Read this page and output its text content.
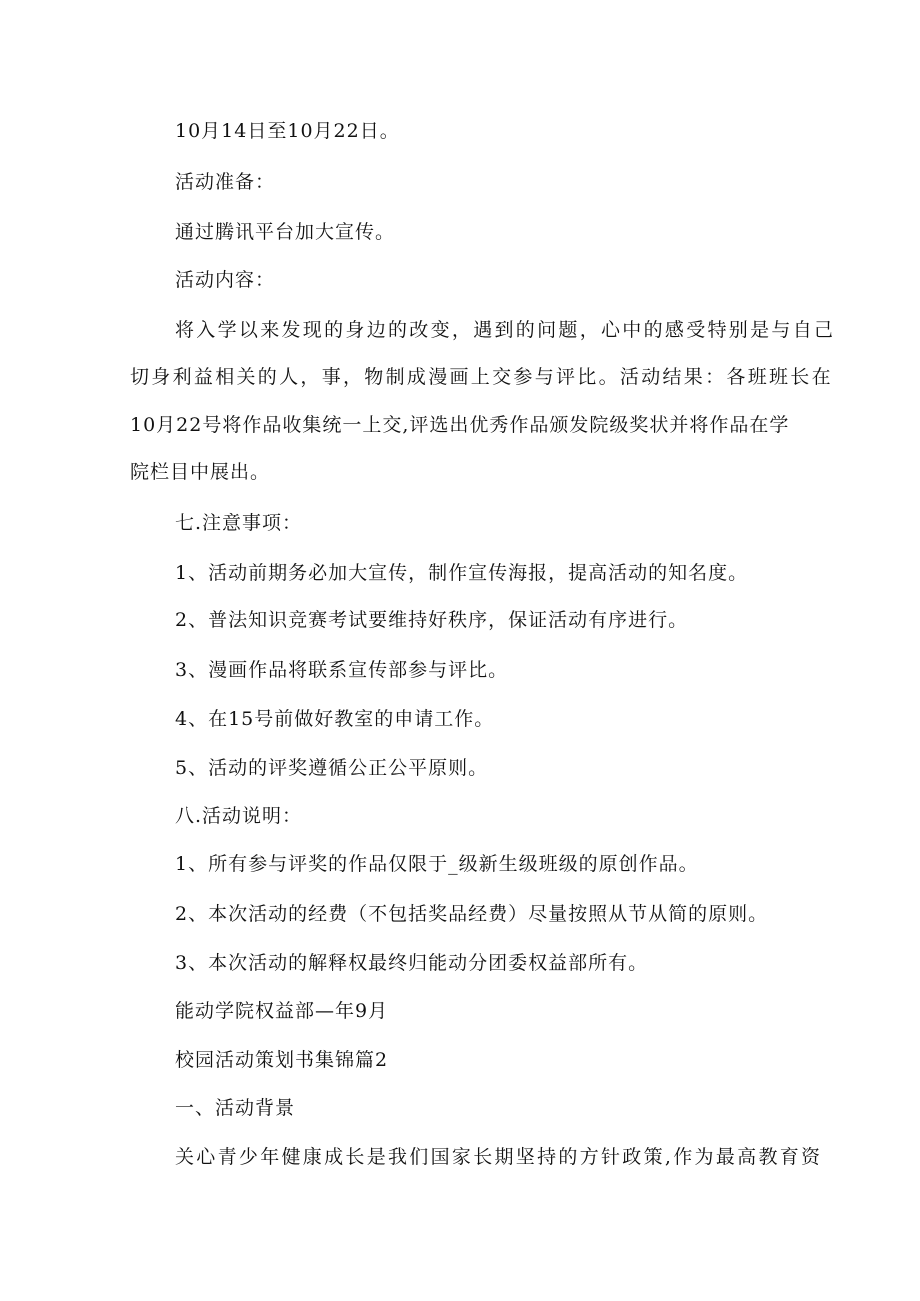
10月14日至10月22日。
活动准备：
通过腾讯平台加大宣传。
活动内容：
将入学以来发现的身边的改变，遇到的问题，心中的感受特别是与自己
切身利益相关的人，事，物制成漫画上交参与评比。活动结果：各班班长在
10月22号将作品收集统一上交,评选出优秀作品颁发院级奖状并将作品在学
院栏目中展出。
七.注意事项：
1、活动前期务必加大宣传，制作宣传海报，提高活动的知名度。
2、普法知识竞赛考试要维持好秩序，保证活动有序进行。
3、漫画作品将联系宣传部参与评比。
4、在15号前做好教室的申请工作。
5、活动的评奖遵循公正公平原则。
八.活动说明：
1、所有参与评奖的作品仅限于_级新生级班级的原创作品。
2、本次活动的经费（不包括奖品经费）尽量按照从节从简的原则。
3、本次活动的解释权最终归能动分团委权益部所有。
能动学院权益部—年9月
校园活动策划书集锦篇2
一、活动背景
关心青少年健康成长是我们国家长期坚持的方针政策,作为最高教育资
